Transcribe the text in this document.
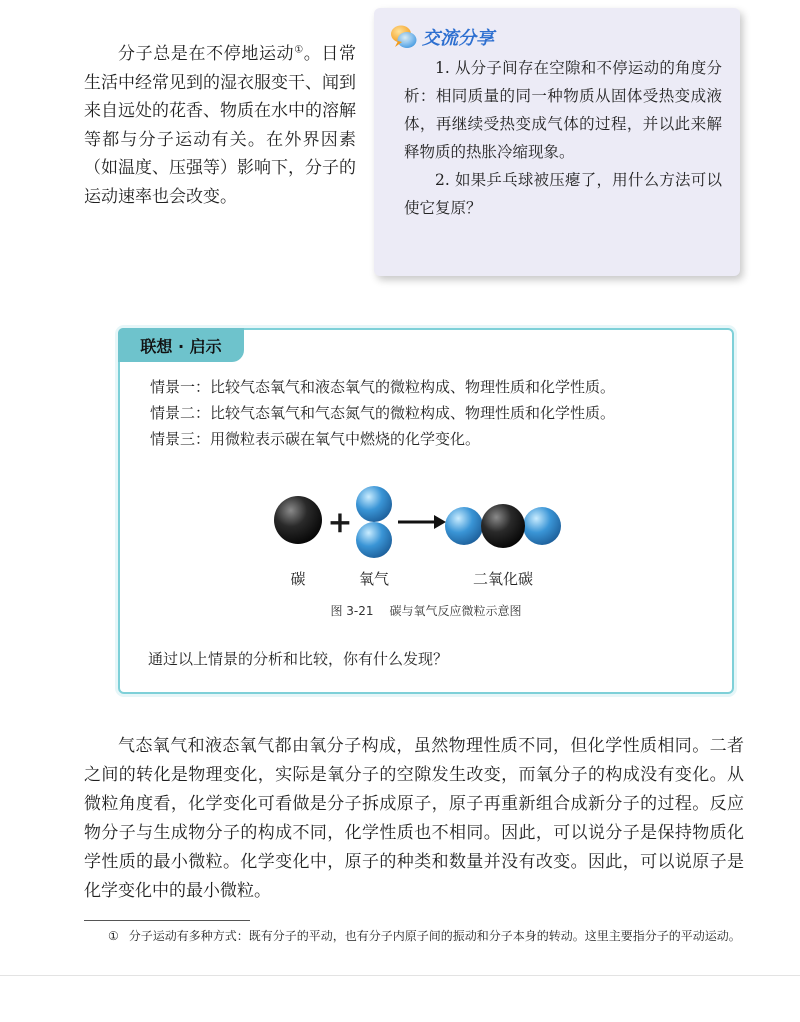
分子总是在不停地运动①。日常生活中经常见到的湿衣服变干、闻到来自远处的花香、物质在水中的溶解等都与分子运动有关。在外界因素（如温度、压强等）影响下，分子的运动速率也会改变。

交流分享

1. 从分子间存在空隙和不停运动的角度分析：相同质量的同一种物质从固体受热变成液体，再继续受热变成气体的过程，并以此来解释物质的热胀冷缩现象。

2. 如果乒乓球被压瘪了，用什么方法可以使它复原？

联想 · 启示

情景一：比较气态氧气和液态氧气的微粒构成、物理性质和化学性质。

情景二：比较气态氧气和气态氮气的微粒构成、物理性质和化学性质。

情景三：用微粒表示碳在氧气中燃烧的化学变化。

+
碳	氧气	二氧化碳
图 3-21 碳与氧气反应微粒示意图

通过以上情景的分析和比较，你有什么发现？

气态氧气和液态氧气都由氧分子构成，虽然物理性质不同，但化学性质相同。二者之间的转化是物理变化，实际是氧分子的空隙发生改变，而氧分子的构成没有变化。从微粒角度看，化学变化可看做是分子拆成原子，原子再重新组合成新分子的过程。反应物分子与生成物分子的构成不同，化学性质也不相同。因此，可以说分子是保持物质化学性质的最小微粒。化学变化中，原子的种类和数量并没有改变。因此，可以说原子是化学变化中的最小微粒。

① 分子运动有多种方式：既有分子的平动，也有分子内原子间的振动和分子本身的转动。这里主要指分子的平动运动。
